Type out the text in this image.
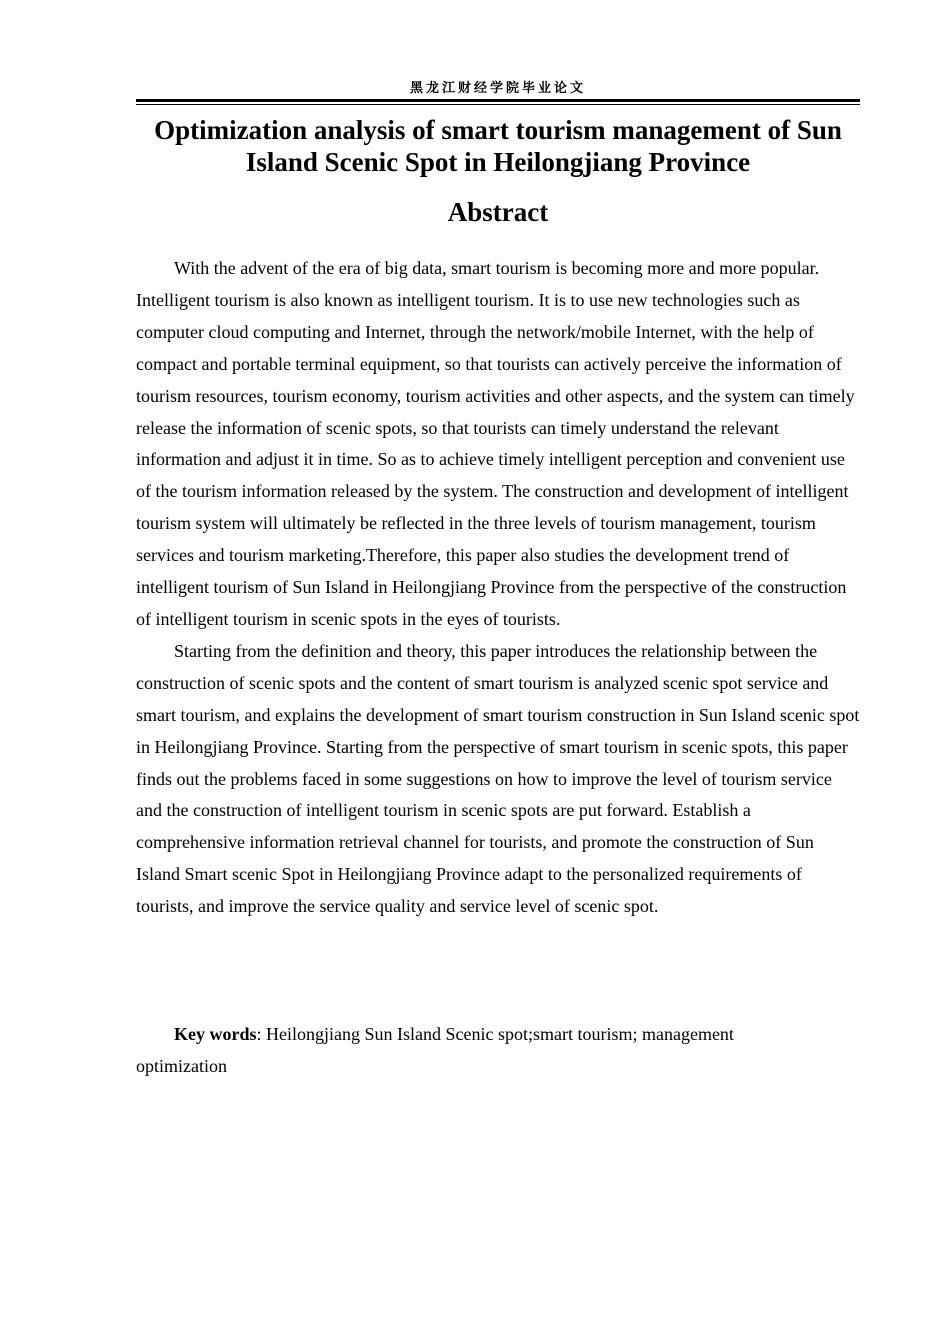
黑龙江财经学院毕业论文
Optimization analysis of smart tourism management of Sun Island Scenic Spot in Heilongjiang Province
Abstract

With the advent of the era of big data, smart tourism is becoming more and more popular. Intelligent tourism is also known as intelligent tourism. It is to use new technologies such as computer cloud computing and Internet, through the network/mobile Internet, with the help of compact and portable terminal equipment, so that tourists can actively perceive the information of tourism resources, tourism economy, tourism activities and other aspects, and the system can timely release the information of scenic spots, so that tourists can timely understand the relevant information and adjust it in time. So as to achieve timely intelligent perception and convenient use of the tourism information released by the system. The construction and development of intelligent tourism system will ultimately be reflected in the three levels of tourism management, tourism services and tourism marketing.Therefore, this paper also studies the development trend of intelligent tourism of Sun Island in Heilongjiang Province from the perspective of the construction of intelligent tourism in scenic spots in the eyes of tourists.

Starting from the definition and theory, this paper introduces the relationship between the construction of scenic spots and the content of smart tourism is analyzed scenic spot service and smart tourism, and explains the development of smart tourism construction in Sun Island scenic spot in Heilongjiang Province. Starting from the perspective of smart tourism in scenic spots, this paper finds out the problems faced in some suggestions on how to improve the level of tourism service and the construction of intelligent tourism in scenic spots are put forward. Establish a comprehensive information retrieval channel for tourists, and promote the construction of Sun Island Smart scenic Spot in Heilongjiang Province adapt to the personalized requirements of tourists, and improve the service quality and service level of scenic spot.

Key words: Heilongjiang Sun Island Scenic spot;smart tourism; management optimization
